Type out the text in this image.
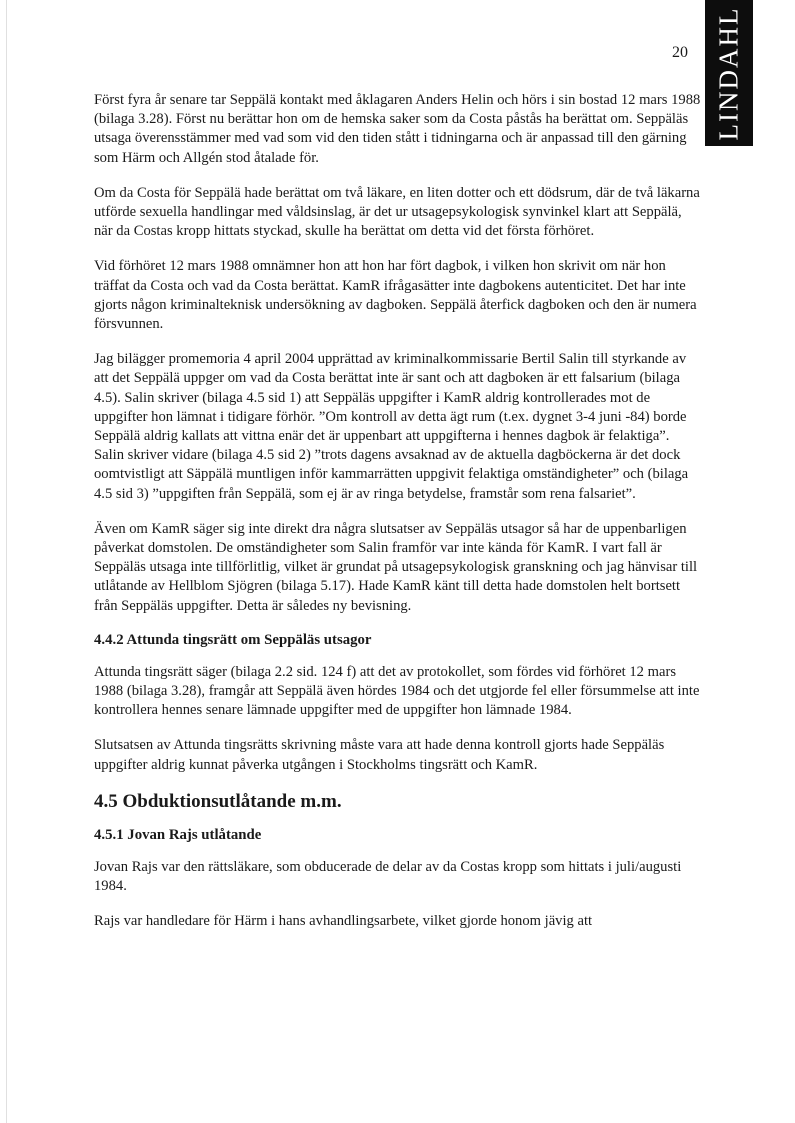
20 LINDAHL

Först fyra år senare tar Seppälä kontakt med åklagaren Anders Helin och hörs i sin bostad 12 mars 1988 (bilaga 3.28). Först nu berättar hon om de hemska saker som da Costa påstås ha berättat om. Seppäläs utsaga överensstämmer med vad som vid den tiden stått i tidningarna och är anpassad till den gärning som Härm och Allgén stod åtalade för.

Om da Costa för Seppälä hade berättat om två läkare, en liten dotter och ett dödsrum, där de två läkarna utförde sexuella handlingar med våldsinslag, är det ur utsagepsykologisk synvinkel klart att Seppälä, när da Costas kropp hittats styckad, skulle ha berättat om detta vid det första förhöret.

Vid förhöret 12 mars 1988 omnämner hon att hon har fört dagbok, i vilken hon skrivit om när hon träffat da Costa och vad da Costa berättat. KamR ifrågasätter inte dagbokens autenticitet. Det har inte gjorts någon kriminalteknisk undersökning av dagboken. Seppälä återfick dagboken och den är numera försvunnen.

Jag bilägger promemoria 4 april 2004 upprättad av kriminalkommissarie Bertil Salin till styrkande av att det Seppälä uppger om vad da Costa berättat inte är sant och att dagboken är ett falsarium (bilaga 4.5). Salin skriver (bilaga 4.5 sid 1) att Seppäläs uppgifter i KamR aldrig kontrollerades mot de uppgifter hon lämnat i tidigare förhör. ”Om kontroll av detta ägt rum (t.ex. dygnet 3-4 juni -84) borde Seppälä aldrig kallats att vittna enär det är uppenbart att uppgifterna i hennes dagbok är felaktiga”. Salin skriver vidare (bilaga 4.5 sid 2) ”trots dagens avsaknad av de aktuella dagböckerna är det dock oomtvistligt att Säppälä muntligen inför kammarrätten uppgivit felaktiga omständigheter” och (bilaga 4.5 sid 3) ”uppgiften från Seppälä, som ej är av ringa betydelse, framstår som rena falsariet”.

Även om KamR säger sig inte direkt dra några slutsatser av Seppäläs utsagor så har de uppenbarligen påverkat domstolen. De omständigheter som Salin framför var inte kända för KamR. I vart fall är Seppäläs utsaga inte tillförlitlig, vilket är grundat på utsagepsykologisk granskning och jag hänvisar till utlåtande av Hellblom Sjögren (bilaga 5.17). Hade KamR känt till detta hade domstolen helt bortsett från Seppäläs uppgifter. Detta är således ny bevisning.

4.4.2 Attunda tingsrätt om Seppäläs utsagor

Attunda tingsrätt säger (bilaga 2.2 sid. 124 f) att det av protokollet, som fördes vid förhöret 12 mars 1988 (bilaga 3.28), framgår att Seppälä även hördes 1984 och det utgjorde fel eller försummelse att inte kontrollera hennes senare lämnade uppgifter med de uppgifter hon lämnade 1984.

Slutsatsen av Attunda tingsrätts skrivning måste vara att hade denna kontroll gjorts hade Seppäläs uppgifter aldrig kunnat påverka utgången i Stockholms tingsrätt och KamR.

4.5 Obduktionsutlåtande m.m.
4.5.1 Jovan Rajs utlåtande

Jovan Rajs var den rättsläkare, som obducerade de delar av da Costas kropp som hittats i juli/augusti 1984.

Rajs var handledare för Härm i hans avhandlingsarbete, vilket gjorde honom jävig att
